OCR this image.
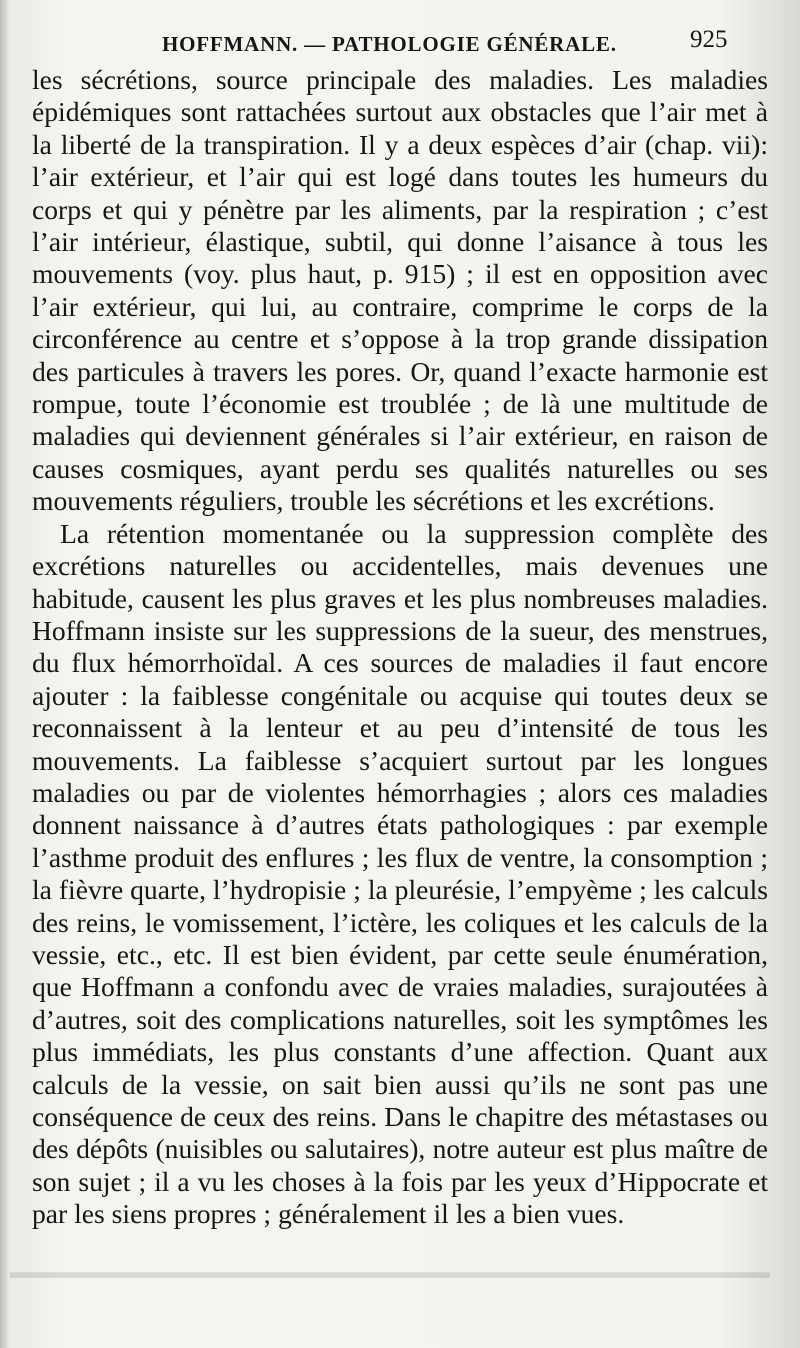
HOFFMANN. — PATHOLOGIE GÉNÉRALE.	925

les sécrétions, source principale des maladies. Les maladies épidémiques sont rattachées surtout aux obstacles que l’air met à la liberté de la transpiration. Il y a deux espèces d’air (chap. vii): l’air extérieur, et l’air qui est logé dans toutes les humeurs du corps et qui y pénètre par les aliments, par la respiration ; c’est l’air intérieur, élastique, subtil, qui donne l’aisance à tous les mouvements (voy. plus haut, p. 915) ; il est en opposition avec l’air extérieur, qui lui, au contraire, comprime le corps de la circonférence au centre et s’oppose à la trop grande dissipation des particules à travers les pores. Or, quand l’exacte harmonie est rompue, toute l’économie est troublée ; de là une multitude de maladies qui deviennent générales si l’air extérieur, en raison de causes cosmiques, ayant perdu ses qualités naturelles ou ses mouvements réguliers, trouble les sécrétions et les excrétions.

La rétention momentanée ou la suppression complète des excrétions naturelles ou accidentelles, mais devenues une habitude, causent les plus graves et les plus nombreuses maladies. Hoffmann insiste sur les suppressions de la sueur, des menstrues, du flux hémorrhoïdal. A ces sources de maladies il faut encore ajouter : la faiblesse congénitale ou acquise qui toutes deux se reconnaissent à la lenteur et au peu d’intensité de tous les mouvements. La faiblesse s’acquiert surtout par les longues maladies ou par de violentes hémorrhagies ; alors ces maladies donnent naissance à d’autres états pathologiques : par exemple l’asthme produit des enflures ; les flux de ventre, la consomption ; la fièvre quarte, l’hydropisie ; la pleurésie, l’empyème ; les calculs des reins, le vomissement, l’ictère, les coliques et les calculs de la vessie, etc., etc. Il est bien évident, par cette seule énumération, que Hoffmann a confondu avec de vraies maladies, surajoutées à d’autres, soit des complications naturelles, soit les symptômes les plus immédiats, les plus constants d’une affection. Quant aux calculs de la vessie, on sait bien aussi qu’ils ne sont pas une conséquence de ceux des reins. Dans le chapitre des métastases ou des dépôts (nuisibles ou salutaires), notre auteur est plus maître de son sujet ; il a vu les choses à la fois par les yeux d’Hippocrate et par les siens propres ; généralement il les a bien vues.

▬▬▬▬▬▬▬▬▬▬▬▬▬▬▬▬▬▬▬▬▬▬▬▬▬▬▬▬▬▬▬▬▬▬▬▬▬▬▬▬
